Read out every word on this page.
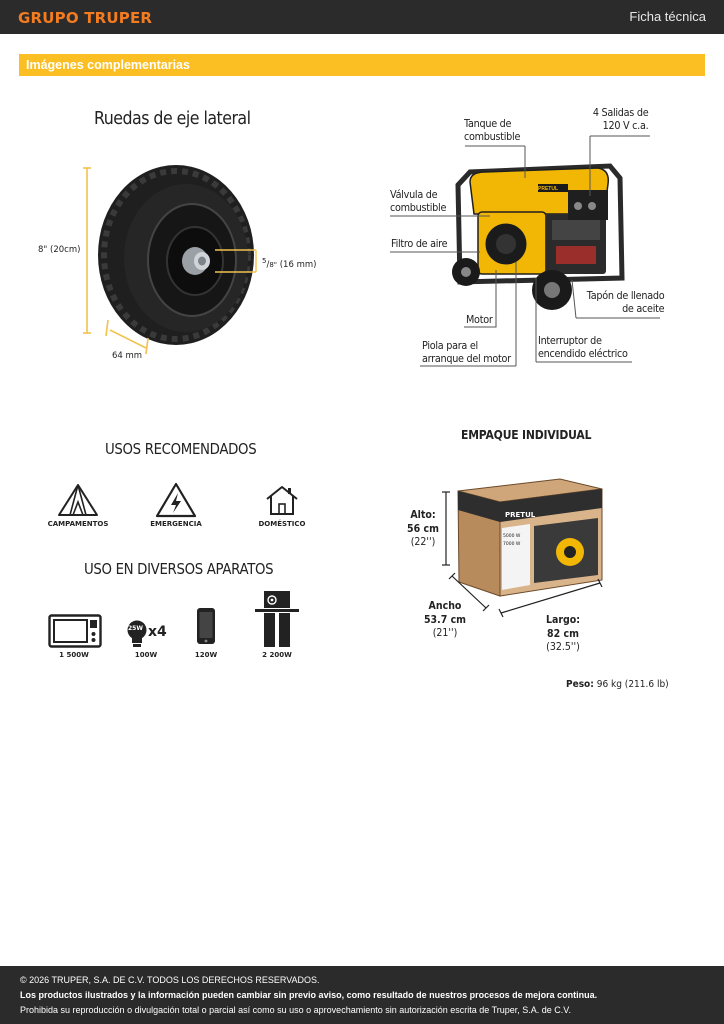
GRUPO TRUPER	Ficha técnica
Imágenes complementarias
Ruedas de eje lateral
8" (20cm)
$^5$/8" (16 mm)
64 mm
PRETUL
Tanque de
combustible
4 Salidas de
120 V c.a.
Válvula de
combustible
Filtro de aire
Tapón de llenado
de aceite
Motor
Interruptor de
encendido eléctrico
Piola para el
arranque del motor
USOS RECOMENDADOS
CAMPAMENTOS	EMERGENCIA	DOMÉSTICO
USO EN DIVERSOS APARATOS
1 500W
25W x4
100W	120W	2 200W
EMPAQUE INDIVIDUAL
PRETUL
5000 W
7000 W
Alto:
56 cm
(22'')
Ancho
53.7 cm
(21'')
Largo:
82 cm
(32.5'')
Peso: 96 kg (211.6 lb)
© 2026 TRUPER, S.A. DE C.V. TODOS LOS DERECHOS RESERVADOS.
Los productos ilustrados y la información pueden cambiar sin previo aviso, como resultado de nuestros procesos de mejora continua.
Prohibida su reproducción o divulgación total o parcial así como su uso o aprovechamiento sin autorización escrita de Truper, S.A. de C.V.
